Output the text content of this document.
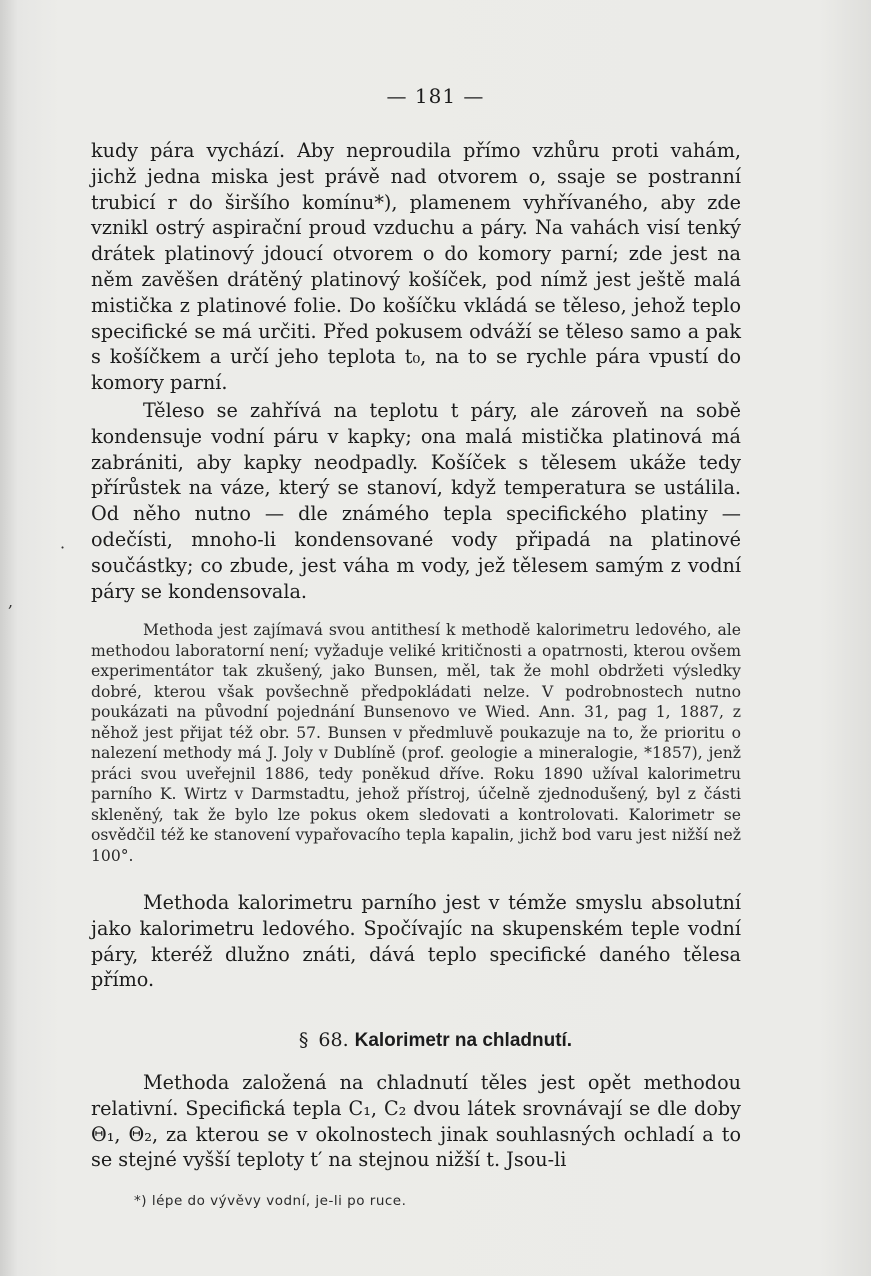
— 181 —

kudy pára vychází. Aby neproudila přímo vzhůru proti vahám, jichž jedna miska jest právě nad otvorem o, ssaje se postranní trubicí r do širšího komínu*), plamenem vyhřívaného, aby zde vznikl ostrý aspirační proud vzduchu a páry. Na vahách visí tenký drátek platinový jdoucí otvorem o do komory parní; zde jest na něm zavěšen drátěný platinový košíček, pod nímž jest ještě malá mistička z platinové folie. Do košíčku vkládá se těleso, jehož teplo specifické se má určiti. Před pokusem odváží se těleso samo a pak s košíčkem a určí jeho teplota t₀, na to se rychle pára vpustí do komory parní.

Těleso se zahřívá na teplotu t páry, ale zároveň na sobě kondensuje vodní páru v kapky; ona malá mistička platinová má zabrániti, aby kapky neodpadly. Košíček s tělesem ukáže tedy přírůstek na váze, který se stanoví, když temperatura se ustálila. Od něho nutno — dle známého tepla specifického platiny — odečísti, mnoho-li kondensované vody připadá na platinové součástky; co zbude, jest váha m vody, jež tělesem samým z vodní páry se kondensovala.

Methoda jest zajímavá svou antithesí k methodě kalorimetru ledového, ale methodou laboratorní není; vyžaduje veliké kritičnosti a opatrnosti, kterou ovšem experimentátor tak zkušený, jako Bunsen, měl, tak že mohl obdržeti výsledky dobré, kterou však povšechně předpokládati nelze. V podrobnostech nutno poukázati na původní pojednání Bunsenovo ve Wied. Ann. 31, pag 1, 1887, z něhož jest přijat též obr. 57. Bunsen v předmluvě poukazuje na to, že prioritu o nalezení methody má J. Joly v Dublíně (prof. geologie a mineralogie, *1857), jenž práci svou uveřejnil 1886, tedy poněkud dříve. Roku 1890 užíval kalorimetru parního K. Wirtz v Darmstadtu, jehož přístroj, účelně zjednodušený, byl z části skleněný, tak že bylo lze pokus okem sledovati a kontrolovati. Kalorimetr se osvědčil též ke stanovení vypařovacího tepla kapalin, jichž bod varu jest nižší než 100°.

Methoda kalorimetru parního jest v témže smyslu absolutní jako kalorimetru ledového. Spočívajíc na skupenském teple vodní páry, kteréž dlužno znáti, dává teplo specifické daného tělesa přímo.

§ 68. Kalorimetr na chladnutí.

Methoda založená na chladnutí těles jest opět methodou relativní. Specifická tepla C₁, C₂ dvou látek srovnávají se dle doby Θ₁, Θ₂, za kterou se v okolnostech jinak souhlasných ochladí a to se stejné vyšší teploty t′ na stejnou nižší t. Jsou-li

*) lépe do vývěvy vodní, je-li po ruce.
·
,
